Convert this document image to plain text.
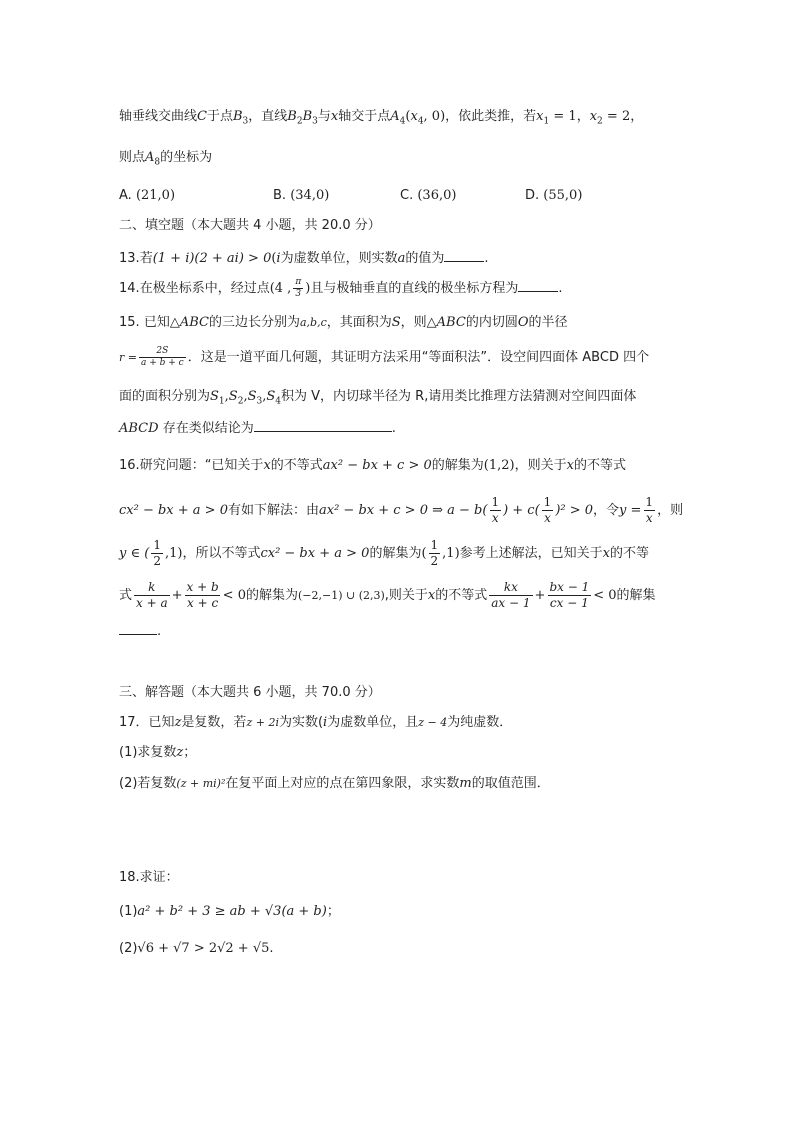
轴垂线交曲线C于点$B_3$，直线$B_2B_3$与x轴交于点$A_4(x_4$, 0)，依此类推，若$x_1 = 1$，$x_2 = 2$，
则点$A_8$的坐标为
A. (21,0)	B. (34,0)	C. (36,0)	D. (55,0)
二、填空题（本大题共 4 小题，共 20.0 分）
13.若(1 + i)(2 + ai) > 0(i为虚数单位，则实数a的值为	.
14.在极坐标系中，经过点(4 , $\frac{\pi}{3}$ )且与极轴垂直的直线的极坐标方程为	.
15. 已知△ABC的三边长分别为a,b,c，其面积为S，则△ABC的内切圆O的半径
$r = \frac{2S}{a + b + c}$ ．这是一道平面几何题，其证明方法采用“等面积法”．设空间四面体 ABCD 四个
面的面积分别为$S_1,S_2,S_3,S_4$积为 V，内切球半径为 R,请用类比推理方法猜测对空间四面体
ABCD 存在类似结论为	.
16.研究问题：“已知关于x的不等式ax² − bx + c > 0的解集为(1,2)，则关于x的不等式
cx² − bx + a > 0有如下解法：由ax² − bx + c > 0 ⇒ $a - b( \frac{1}{x}$ ) + $c( \frac{1}{x} )^2 > 0$，令$y = \frac{1}{x}$ ，则
y ∈ ( $\frac{1}{2} ,1$)，所以不等式cx² − bx + a > 0的解集为( $\frac{1}{2} ,1$)参考上述解法，已知关于x的不等
式 $\frac{k}{x + a} + \frac{x + b}{x + c} < 0$的解集为(−2,−1) ∪ (2,3),则关于x的不等式 $\frac{kx}{ax - 1} + \frac{bx - 1}{cx - 1} < 0$的解集
.
三、解答题（本大题共 6 小题，共 70.0 分）
17．已知z是复数，若z + 2i为实数(i为虚数单位，且z − 4为纯虚数．
(1)求复数z；
(2)若复数(z + mi)²在复平面上对应的点在第四象限，求实数m的取值范围．
18.求证：
(1)a² + b² + 3 ≥ ab + √3(a + b)；
(2)√6 + √7 > 2√2 + √5.
